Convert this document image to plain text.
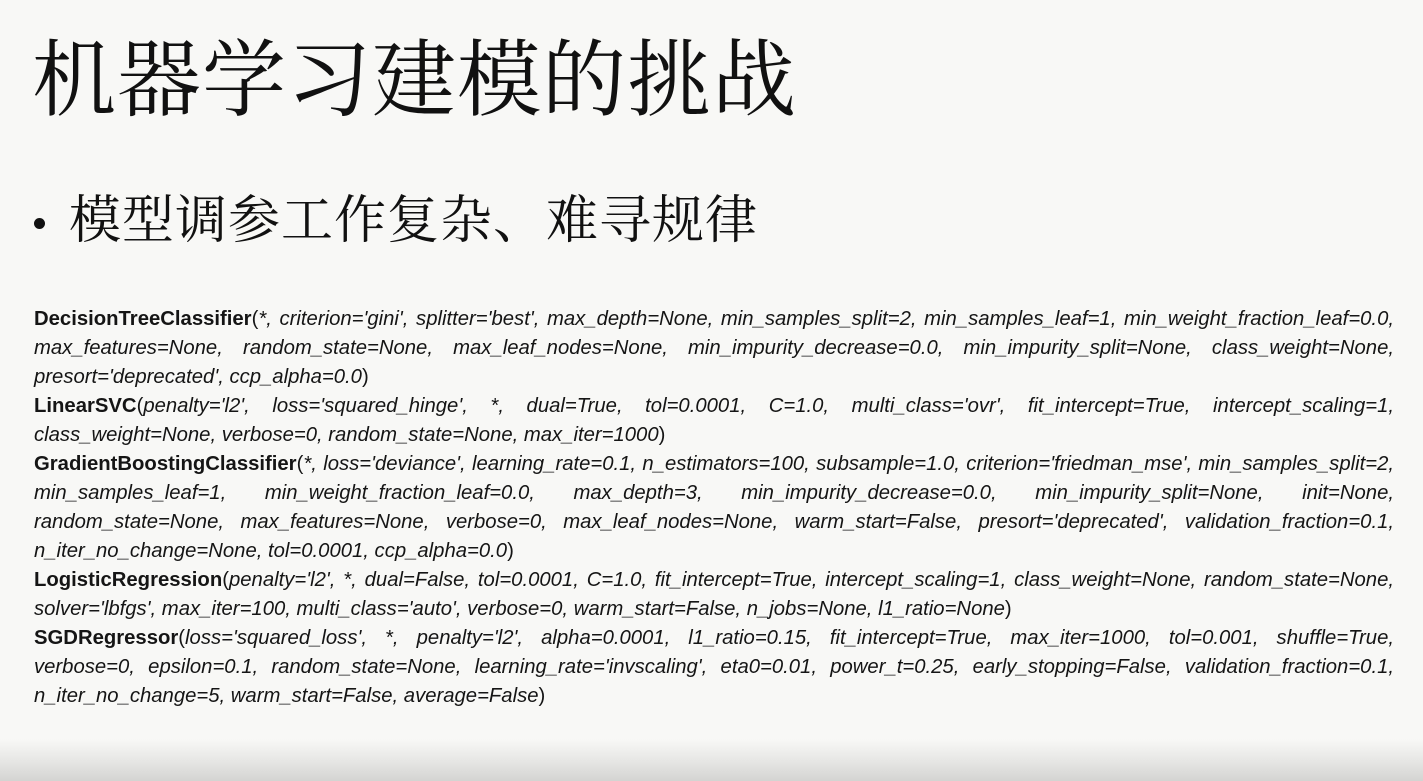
机器学习建模的挑战
模型调参工作复杂、难寻规律

DecisionTreeClassifier(*, criterion='gini', splitter='best', max_depth=None, min_samples_split=2, min_samples_leaf=1, min_weight_fraction_leaf=0.0, max_features=None, random_state=None, max_leaf_nodes=None, min_impurity_decrease=0.0, min_impurity_split=None, class_weight=None, presort='deprecated', ccp_alpha=0.0)

LinearSVC(penalty='l2', loss='squared_hinge', *, dual=True, tol=0.0001, C=1.0, multi_class='ovr', fit_intercept=True, intercept_scaling=1, class_weight=None, verbose=0, random_state=None, max_iter=1000)

GradientBoostingClassifier(*, loss='deviance', learning_rate=0.1, n_estimators=100, subsample=1.0, criterion='friedman_mse', min_samples_split=2, min_samples_leaf=1, min_weight_fraction_leaf=0.0, max_depth=3, min_impurity_decrease=0.0, min_impurity_split=None, init=None, random_state=None, max_features=None, verbose=0, max_leaf_nodes=None, warm_start=False, presort='deprecated', validation_fraction=0.1, n_iter_no_change=None, tol=0.0001, ccp_alpha=0.0)

LogisticRegression(penalty='l2', *, dual=False, tol=0.0001, C=1.0, fit_intercept=True, intercept_scaling=1, class_weight=None, random_state=None, solver='lbfgs', max_iter=100, multi_class='auto', verbose=0, warm_start=False, n_jobs=None, l1_ratio=None)

SGDRegressor(loss='squared_loss', *, penalty='l2', alpha=0.0001, l1_ratio=0.15, fit_intercept=True, max_iter=1000, tol=0.001, shuffle=True, verbose=0, epsilon=0.1, random_state=None, learning_rate='invscaling', eta0=0.01, power_t=0.25, early_stopping=False, validation_fraction=0.1, n_iter_no_change=5, warm_start=False, average=False)
